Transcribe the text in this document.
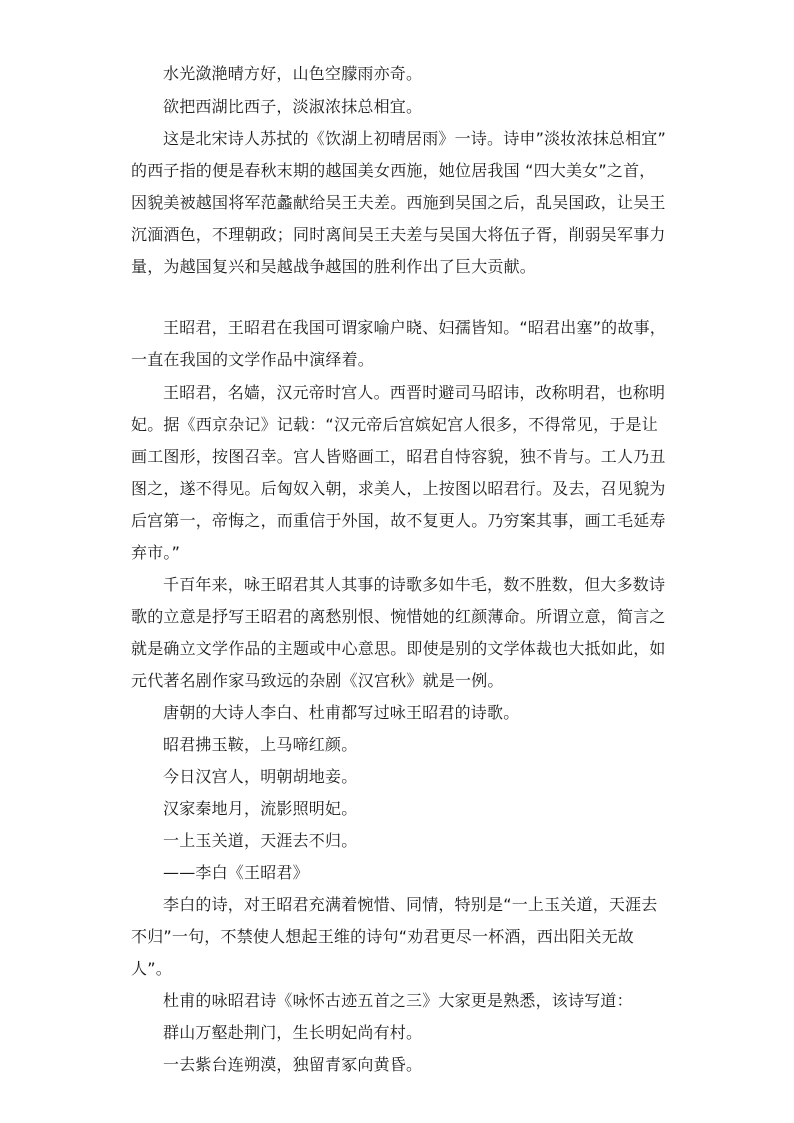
水光潋滟晴方好，山色空朦雨亦奇。
欲把西湖比西子，淡淑浓抹总相宜。
这是北宋诗人苏拭的《饮湖上初晴居雨》一诗。诗申”淡妆浓抹总相宜”
的西子指的便是春秋末期的越国美女西施，她位居我国 “四大美女”之首，
因貌美被越国将军范蠡献给吴王夫差。西施到吴国之后，乱吴国政，让吴王
沉湎酒色，不理朝政；同时离间吴王夫差与吴国大将伍子胥，削弱吴军事力
量，为越国复兴和吴越战争越国的胜利作出了巨大贡献。
王昭君，王昭君在我国可谓家喻户晓、妇孺皆知。“昭君出塞”的故事，
一直在我国的文学作品中演绎着。
王昭君，名嫱，汉元帝时宫人。西晋时避司马昭讳，改称明君，也称明
妃。据《西京杂记》记载：“汉元帝后宫嫔妃宫人很多，不得常见，于是让
画工图形，按图召幸。宫人皆赂画工，昭君自恃容貌，独不肯与。工人乃丑
图之，遂不得见。后匈奴入朝，求美人，上按图以昭君行。及去，召见貌为
后宫第一，帝悔之，而重信于外国，故不复更人。乃穷案其事，画工毛延寿
弃市。”
千百年来，咏王昭君其人其事的诗歌多如牛毛，数不胜数，但大多数诗
歌的立意是抒写王昭君的离愁别恨、惋惜她的红颜薄命。所谓立意，简言之
就是确立文学作品的主题或中心意思。即使是别的文学体裁也大抵如此，如
元代著名剧作家马致远的杂剧《汉宫秋》就是一例。
唐朝的大诗人李白、杜甫都写过咏王昭君的诗歌。
昭君拂玉鞍，上马啼红颜。
今日汉宫人，明朝胡地妾。
汉家秦地月，流影照明妃。
一上玉关道，天涯去不归。
——李白《王昭君》
李白的诗，对王昭君充满着惋惜、同情，特别是“一上玉关道，天涯去
不归”一句，不禁使人想起王维的诗句“劝君更尽一杯酒，西出阳关无故
人”。
杜甫的咏昭君诗《咏怀古迹五首之三》大家更是熟悉，该诗写道：
群山万壑赴荆门，生长明妃尚有村。
一去紫台连朔漠，独留青冢向黄昏。
